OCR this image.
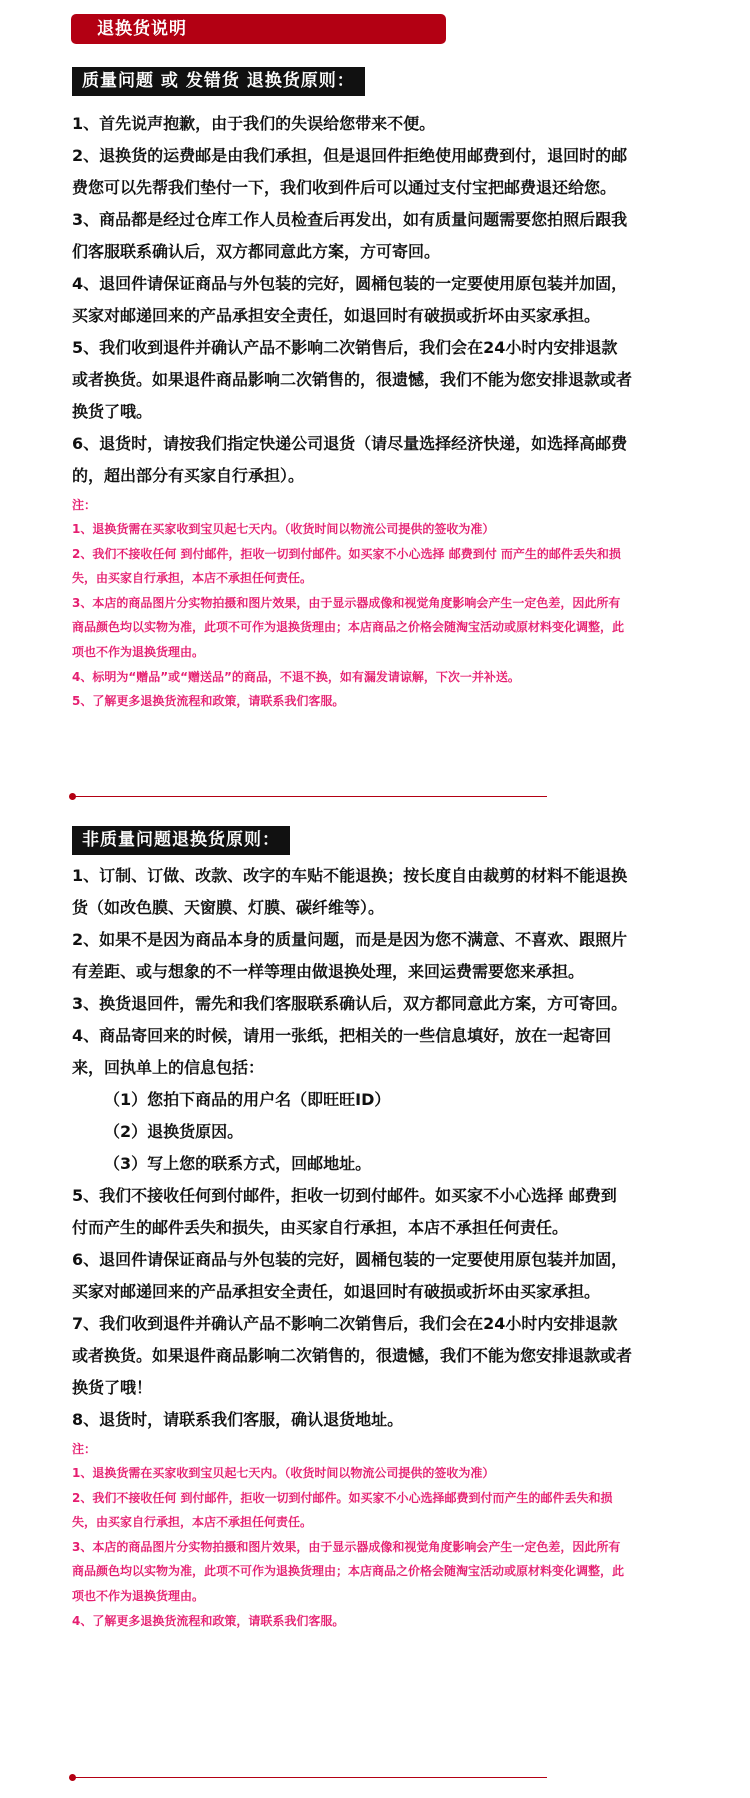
退换货说明
质量问题 或 发错货 退换货原则：

1、首先说声抱歉，由于我们的失误给您带来不便。

2、退换货的运费邮是由我们承担，但是退回件拒绝使用邮费到付，退回时的邮费您可以先帮我们垫付一下，我们收到件后可以通过支付宝把邮费退还给您。

3、商品都是经过仓库工作人员检查后再发出，如有质量问题需要您拍照后跟我们客服联系确认后，双方都同意此方案，方可寄回。

4、退回件请保证商品与外包装的完好，圆桶包装的一定要使用原包装并加固，买家对邮递回来的产品承担安全责任，如退回时有破损或折坏由买家承担。

5、我们收到退件并确认产品不影响二次销售后，我们会在24小时内安排退款或者换货。如果退件商品影响二次销售的，很遗憾，我们不能为您安排退款或者换货了哦。

6、退货时，请按我们指定快递公司退货（请尽量选择经济快递，如选择高邮费的，超出部分有买家自行承担）。

注：

1、退换货需在买家收到宝贝起七天内。（收货时间以物流公司提供的签收为准）

2、我们不接收任何 到付邮件，拒收一切到付邮件。如买家不小心选择 邮费到付 而产生的邮件丢失和损失，由买家自行承担，本店不承担任何责任。

3、本店的商品图片分实物拍摄和图片效果，由于显示器成像和视觉角度影响会产生一定色差，因此所有商品颜色均以实物为准，此项不可作为退换货理由；本店商品之价格会随淘宝活动或原材料变化调整，此项也不作为退换货理由。

4、标明为“赠品”或“赠送品”的商品，不退不换，如有漏发请谅解，下次一并补送。

5、了解更多退换货流程和政策，请联系我们客服。

非质量问题退换货原则：

1、订制、订做、改款、改字的车贴不能退换；按长度自由裁剪的材料不能退换货（如改色膜、天窗膜、灯膜、碳纤维等）。

2、如果不是因为商品本身的质量问题，而是是因为您不满意、不喜欢、跟照片有差距、或与想象的不一样等理由做退换处理，来回运费需要您来承担。

3、换货退回件，需先和我们客服联系确认后，双方都同意此方案，方可寄回。

4、商品寄回来的时候，请用一张纸，把相关的一些信息填好，放在一起寄回来，回执单上的信息包括：

（1）您拍下商品的用户名（即旺旺ID）

（2）退换货原因。

（3）写上您的联系方式，回邮地址。

5、我们不接收任何到付邮件，拒收一切到付邮件。如买家不小心选择 邮费到付而产生的邮件丢失和损失，由买家自行承担，本店不承担任何责任。

6、退回件请保证商品与外包装的完好，圆桶包装的一定要使用原包装并加固，买家对邮递回来的产品承担安全责任，如退回时有破损或折坏由买家承担。

7、我们收到退件并确认产品不影响二次销售后，我们会在24小时内安排退款或者换货。如果退件商品影响二次销售的，很遗憾，我们不能为您安排退款或者换货了哦！

8、退货时，请联系我们客服，确认退货地址。

注：

1、退换货需在买家收到宝贝起七天内。（收货时间以物流公司提供的签收为准）

2、我们不接收任何 到付邮件，拒收一切到付邮件。如买家不小心选择邮费到付而产生的邮件丢失和损失，由买家自行承担，本店不承担任何责任。

3、本店的商品图片分实物拍摄和图片效果，由于显示器成像和视觉角度影响会产生一定色差，因此所有商品颜色均以实物为准，此项不可作为退换货理由；本店商品之价格会随淘宝活动或原材料变化调整，此项也不作为退换货理由。

4、了解更多退换货流程和政策，请联系我们客服。
